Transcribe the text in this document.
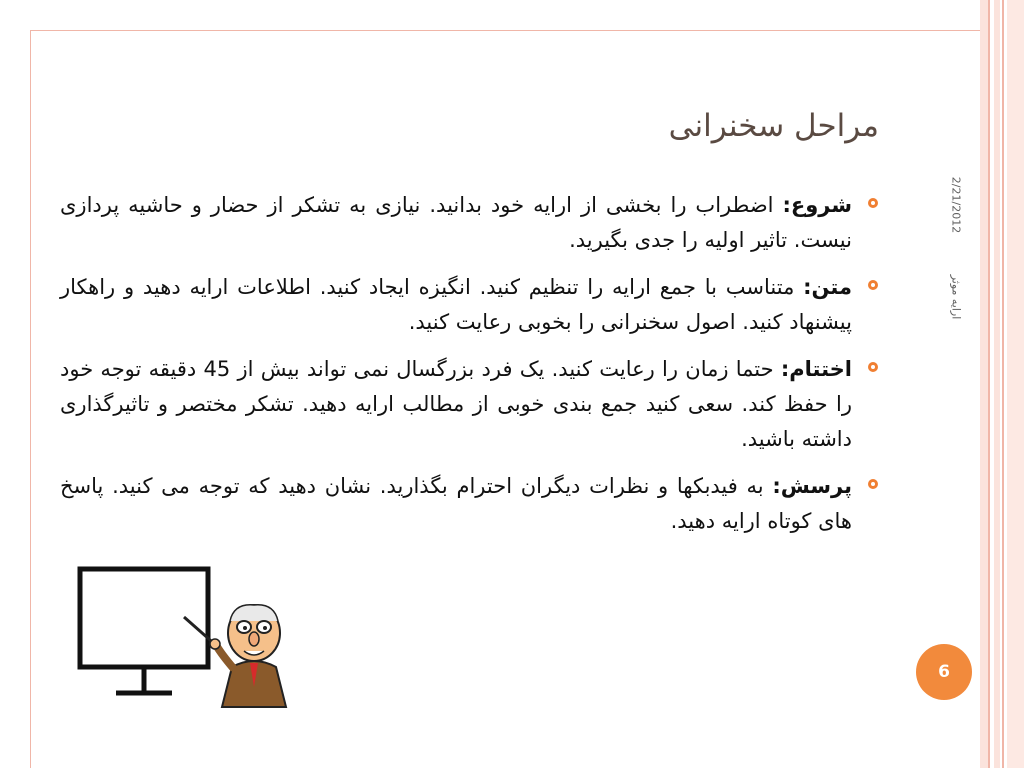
مراحل سخنرانی
2/21/2012
ارایه موثر
شروع: اضطراب را بخشی از ارایه خود بدانید. نیازی به تشکر از حضار و حاشیه پردازی نیست. تاثیر اولیه را جدی بگیرید.
متن: متناسب با جمع ارایه را تنظیم کنید. انگیزه ایجاد کنید. اطلاعات ارایه دهید و راهکار پیشنهاد کنید. اصول سخنرانی را بخوبی رعایت کنید.
اختتام: حتما زمان را رعایت کنید. یک فرد بزرگسال نمی تواند بیش از 45 دقیقه توجه خود را حفظ کند. سعی کنید جمع بندی خوبی از مطالب ارایه دهید. تشکر مختصر و تاثیرگذاری داشته باشید.
پرسش: به فیدبکها و نظرات دیگران احترام بگذارید. نشان دهید که توجه می کنید. پاسخ های کوتاه ارایه دهید.
6
